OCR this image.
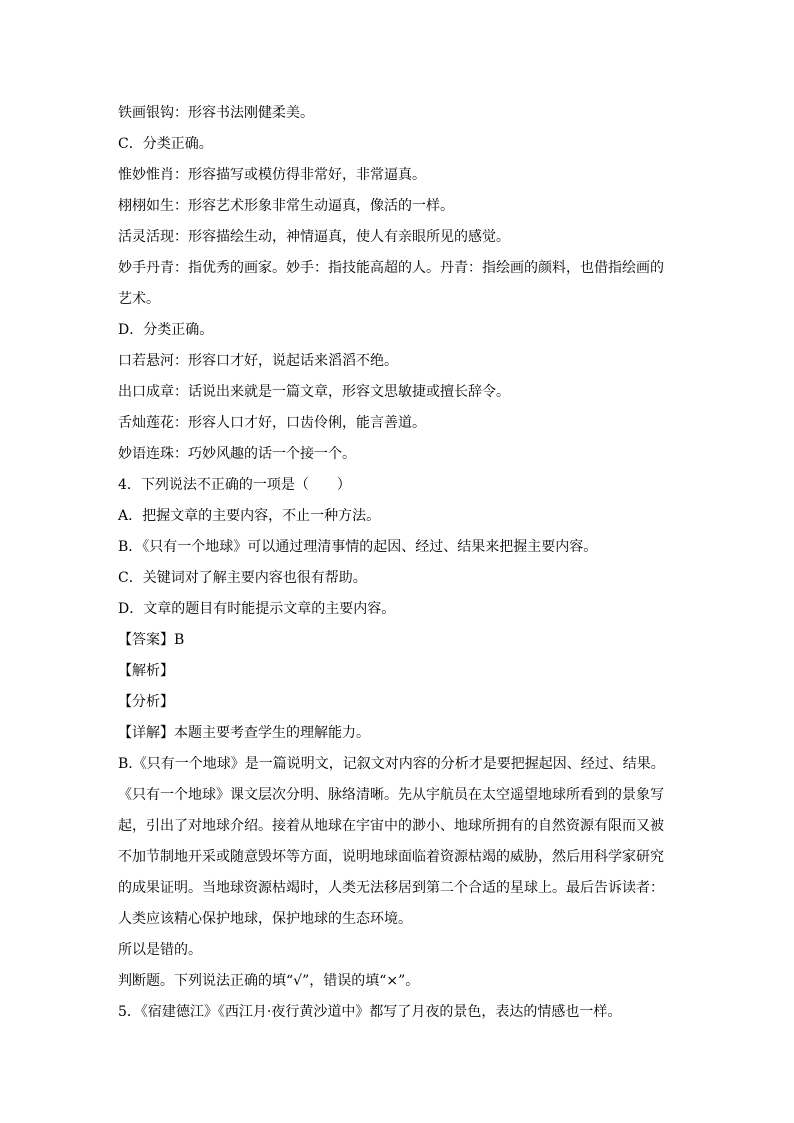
铁画银钩：形容书法刚健柔美。
C．分类正确。
惟妙惟肖：形容描写或模仿得非常好，非常逼真。
栩栩如生：形容艺术形象非常生动逼真，像活的一样。
活灵活现：形容描绘生动，神情逼真，使人有亲眼所见的感觉。
妙手丹青：指优秀的画家。妙手：指技能高超的人。丹青：指绘画的颜料，也借指绘画的
艺术。
D．分类正确。
口若悬河：形容口才好，说起话来滔滔不绝。
出口成章：话说出来就是一篇文章，形容文思敏捷或擅长辞令。
舌灿莲花：形容人口才好，口齿伶俐，能言善道。
妙语连珠：巧妙风趣的话一个接一个。
4．下列说法不正确的一项是（　　）
A．把握文章的主要内容，不止一种方法。
B．《只有一个地球》可以通过理清事情的起因、经过、结果来把握主要内容。
C．关键词对了解主要内容也很有帮助。
D．文章的题目有时能提示文章的主要内容。
【答案】B
【解析】
【分析】
【详解】本题主要考查学生的理解能力。
B.《只有一个地球》是一篇说明文，记叙文对内容的分析才是要把握起因、经过、结果。
《只有一个地球》课文层次分明、脉络清晰。先从宇航员在太空遥望地球所看到的景象写
起，引出了对地球介绍。接着从地球在宇宙中的渺小、地球所拥有的自然资源有限而又被
不加节制地开采或随意毁坏等方面，说明地球面临着资源枯竭的威胁，然后用科学家研究
的成果证明。当地球资源枯竭时，人类无法移居到第二个合适的星球上。最后告诉读者：
人类应该精心保护地球，保护地球的生态环境。
所以是错的。
判断题。下列说法正确的填“√”，错误的填“×”。
5．《宿建德江》《西江月·夜行黄沙道中》都写了月夜的景色，表达的情感也一样。
